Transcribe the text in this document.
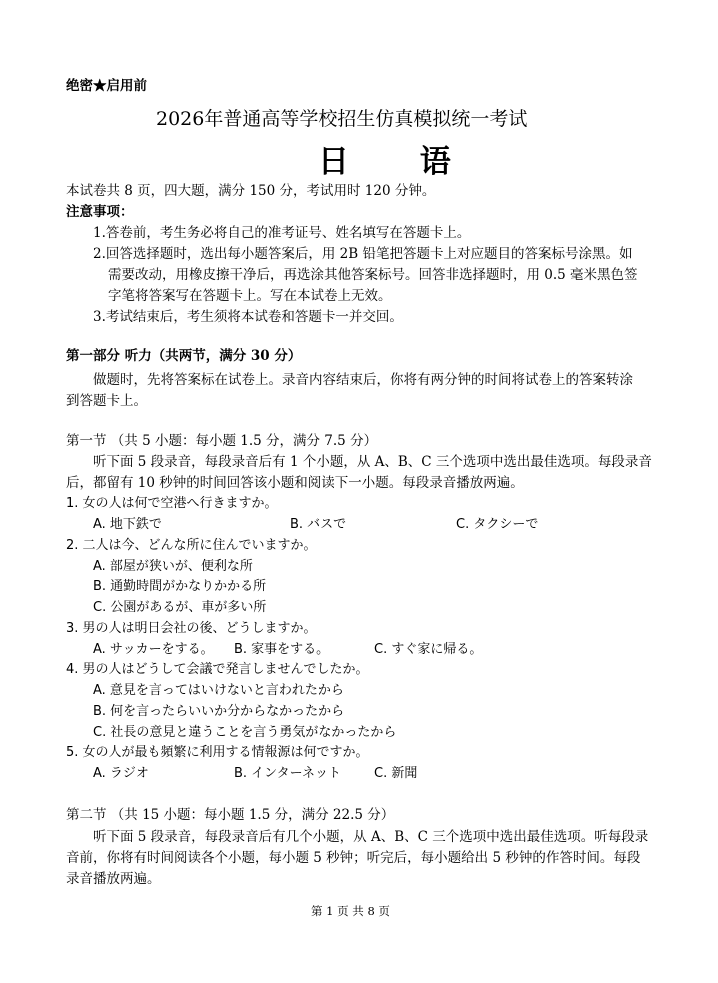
绝密★启用前
2026年普通高等学校招生仿真模拟统一考试
日 语
本试卷共 8 页，四大题，满分 150 分，考试用时 120 分钟。
注意事项：
1.答卷前，考生务必将自己的准考证号、姓名填写在答题卡上。
2.回答选择题时，选出每小题答案后，用 2B 铅笔把答题卡上对应题目的答案标号涂黑。如
需要改动，用橡皮擦干净后，再选涂其他答案标号。回答非选择题时，用 0.5 毫米黑色签
字笔将答案写在答题卡上。写在本试卷上无效。
3.考试结束后，考生须将本试卷和答题卡一并交回。
第一部分 听力（共两节，满分 30 分）
做题时，先将答案标在试卷上。录音内容结束后，你将有两分钟的时间将试卷上的答案转涂
到答题卡上。
第一节 （共 5 小题：每小题 1.5 分，满分 7.5 分）
听下面 5 段录音，每段录音后有 1 个小题，从 A、B、C 三个选项中选出最佳选项。每段录音
后，都留有 10 秒钟的时间回答该小题和阅读下一小题。每段录音播放两遍。
1. 女の人は何で空港へ行きますか。
A. 地下鉄で	B. バスで	C. タクシーで
2. 二人は今、どんな所に住んでいますか。
A. 部屋が狭いが、便利な所
B. 通勤時間がかなりかかる所
C. 公園があるが、車が多い所
3. 男の人は明日会社の後、どうしますか。
A. サッカーをする。 B. 家事をする。	C. すぐ家に帰る。
4. 男の人はどうして会議で発言しませんでしたか。
A. 意見を言ってはいけないと言われたから
B. 何を言ったらいいか分からなかったから
C. 社長の意見と違うことを言う勇気がなかったから
5. 女の人が最も頻繁に利用する情報源は何ですか。
A. ラジオ	B. インターネット	C. 新聞
第二节 （共 15 小题：每小题 1.5 分，满分 22.5 分）
听下面 5 段录音，每段录音后有几个小题，从 A、B、C 三个选项中选出最佳选项。听每段录
音前，你将有时间阅读各个小题，每小题 5 秒钟；听完后，每小题给出 5 秒钟的作答时间。每段
录音播放两遍。
第 1 页 共 8 页
